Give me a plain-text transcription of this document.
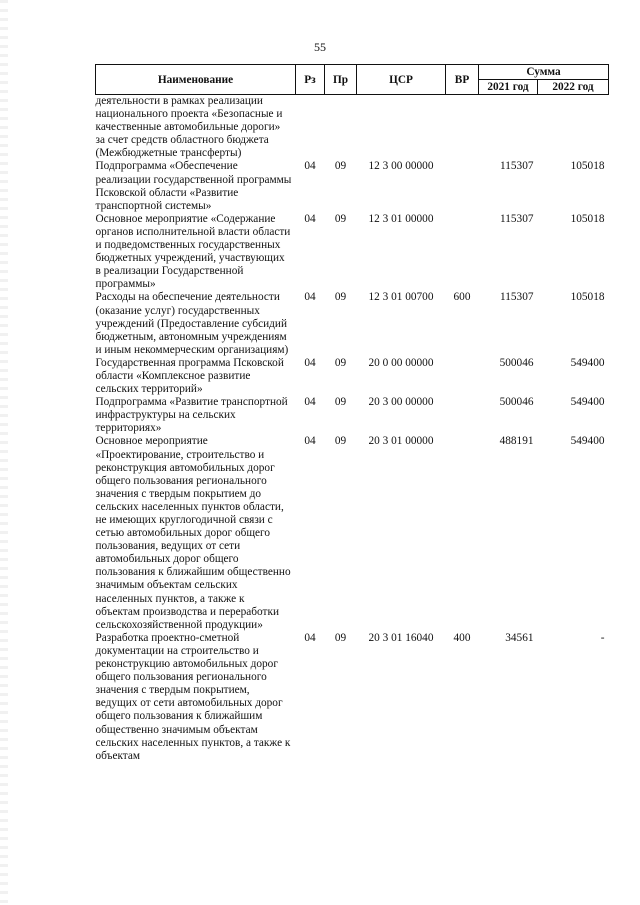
55
Наименование	Рз	Пр	ЦСР	ВР	Сумма	
					2021 год	2022 год
деятельности в рамках реализации национального проекта «Безопасные и качественные автомобильные дороги» за счет средств областного бюджета (Межбюджетные трансферты)						
Подпрограмма «Обеспечение реализации государственной программы Псковской области «Развитие транспортной системы»	04	09	12 3 00 00000		115307	105018
Основное мероприятие «Содержание органов исполнительной власти области и подведомственных государственных бюджетных учреждений, участвующих в реализации Государственной программы»	04	09	12 3 01 00000		115307	105018
Расходы на обеспечение деятельности (оказание услуг) государственных учреждений (Предоставление субсидий бюджетным, автономным учреждениям и иным некоммерческим организациям)	04	09	12 3 01 00700	600	115307	105018
Государственная программа Псковской области «Комплексное развитие сельских территорий»	04	09	20 0 00 00000		500046	549400
Подпрограмма «Развитие транспортной инфраструктуры на сельских территориях»	04	09	20 3 00 00000		500046	549400
Основное мероприятие «Проектирование, строительство и реконструкция автомобильных дорог общего пользования регионального значения с твердым покрытием до сельских населенных пунктов области, не имеющих круглогодичной связи с сетью автомобильных дорог общего пользования, ведущих от сети автомобильных дорог общего пользования к ближайшим общественно значимым объектам сельских населенных пунктов, а также к объектам производства и переработки сельскохозяйственной продукции»	04	09	20 3 01 00000		488191	549400
Разработка проектно-сметной документации на строительство и реконструкцию автомобильных дорог общего пользования регионального значения с твердым покрытием, ведущих от сети автомобильных дорог общего пользования к ближайшим общественно значимым объектам сельских населенных пунктов, а также к объектам	04	09	20 3 01 16040	400	34561	-
